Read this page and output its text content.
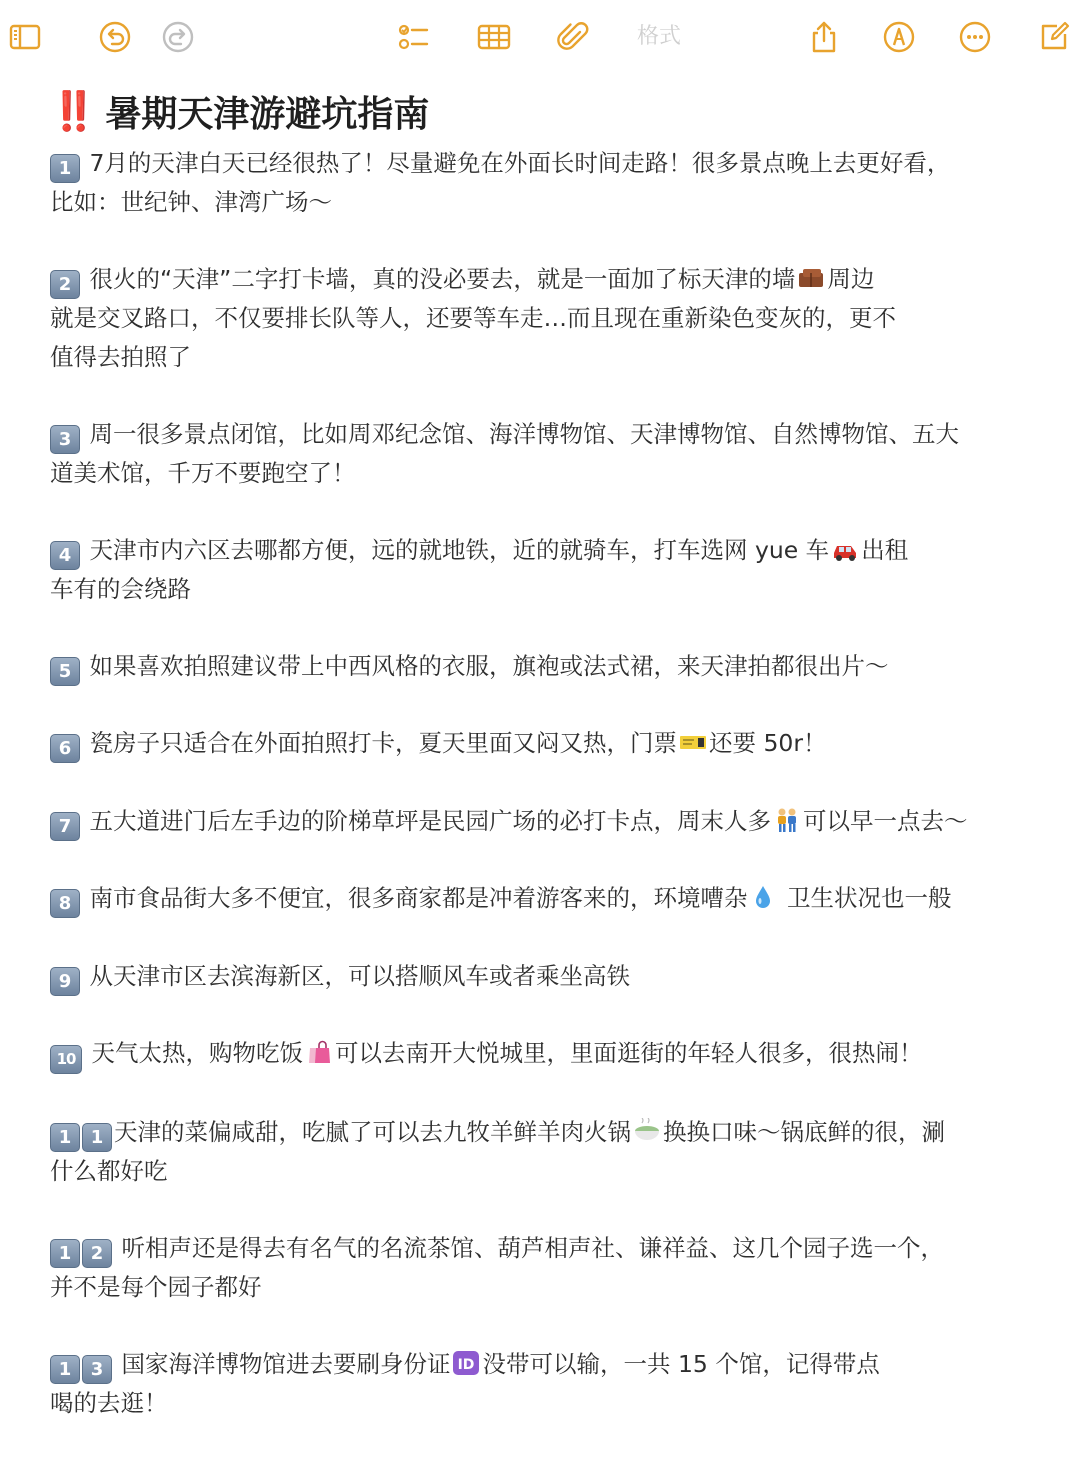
格式
‼️ 暑期天津游避坑指南
1 7月的天津白天已经很热了！尽量避免在外面长时间走路！很多景点晚上去更好看，
比如：世纪钟、津湾广场～
2 很火的“天津”二字打卡墙，真的没必要去，就是一面加了标天津的墙 周边
就是交叉路口，不仅要排长队等人，还要等车走…而且现在重新染色变灰的，更不
值得去拍照了
3 周一很多景点闭馆，比如周邓纪念馆、海洋博物馆、天津博物馆、自然博物馆、五大
道美术馆，千万不要跑空了！
4 天津市内六区去哪都方便，远的就地铁，近的就骑车，打车选网 yue 车 出租
车有的会绕路
5 如果喜欢拍照建议带上中西风格的衣服，旗袍或法式裙，来天津拍都很出片～
6 瓷房子只适合在外面拍照打卡，夏天里面又闷又热，门票 还要 50r！
7 五大道进门后左手边的阶梯草坪是民园广场的必打卡点，周末人多 可以早一点去～
8 南市食品街大多不便宜，很多商家都是冲着游客来的，环境嘈杂 卫生状况也一般
9 从天津市区去滨海新区，可以搭顺风车或者乘坐高铁
10 天气太热，购物吃饭 可以去南开大悦城里，里面逛街的年轻人很多，很热闹！
1 1 天津的菜偏咸甜，吃腻了可以去九牧羊鲜羊肉火锅 换换口味～锅底鲜的很，涮
什么都好吃
1 2 听相声还是得去有名气的名流茶馆、葫芦相声社、谦祥益、这几个园子选一个，
并不是每个园子都好
1 3 国家海洋博物馆进去要刷身份证 ID 没带可以输，一共 15 个馆，记得带点
喝的去逛！
